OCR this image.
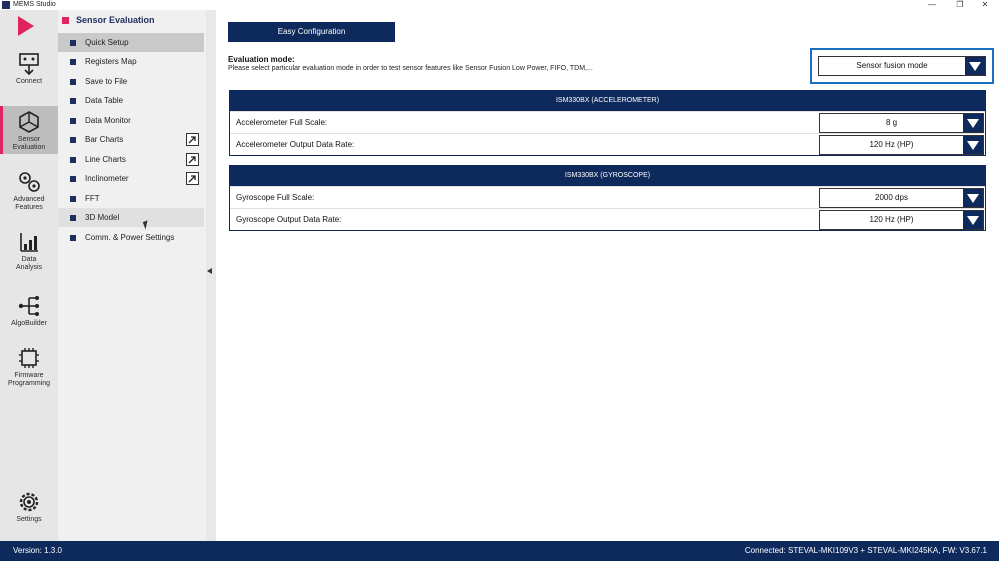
MEMS Studio	—	❐	✕
Connect
Sensor
Evaluation
Advanced
Features
Data
Analysis
AlgoBuilder
Firmware
Programming
Settings
Sensor Evaluation
Quick Setup
Registers Map
Save to File
Data Table
Data Monitor
Bar Charts
Line Charts
Inclinometer
FFT
3D Model
Comm. & Power Settings
Easy Configuration
Evaluation mode:
Please select particular evaluation mode in order to test sensor features like Sensor Fusion Low Power, FIFO, TDM,...	Sensor fusion mode
ISM330BX (ACCELEROMETER)
Accelerometer Full Scale:	8 g
Accelerometer Output Data Rate:	120 Hz (HP)
ISM330BX (GYROSCOPE)
Gyroscope Full Scale:	2000 dps
Gyroscope Output Data Rate:	120 Hz (HP)
Version: 1.3.0	Connected: STEVAL-MKI109V3 + STEVAL-MKI245KA, FW: V3.67.1
